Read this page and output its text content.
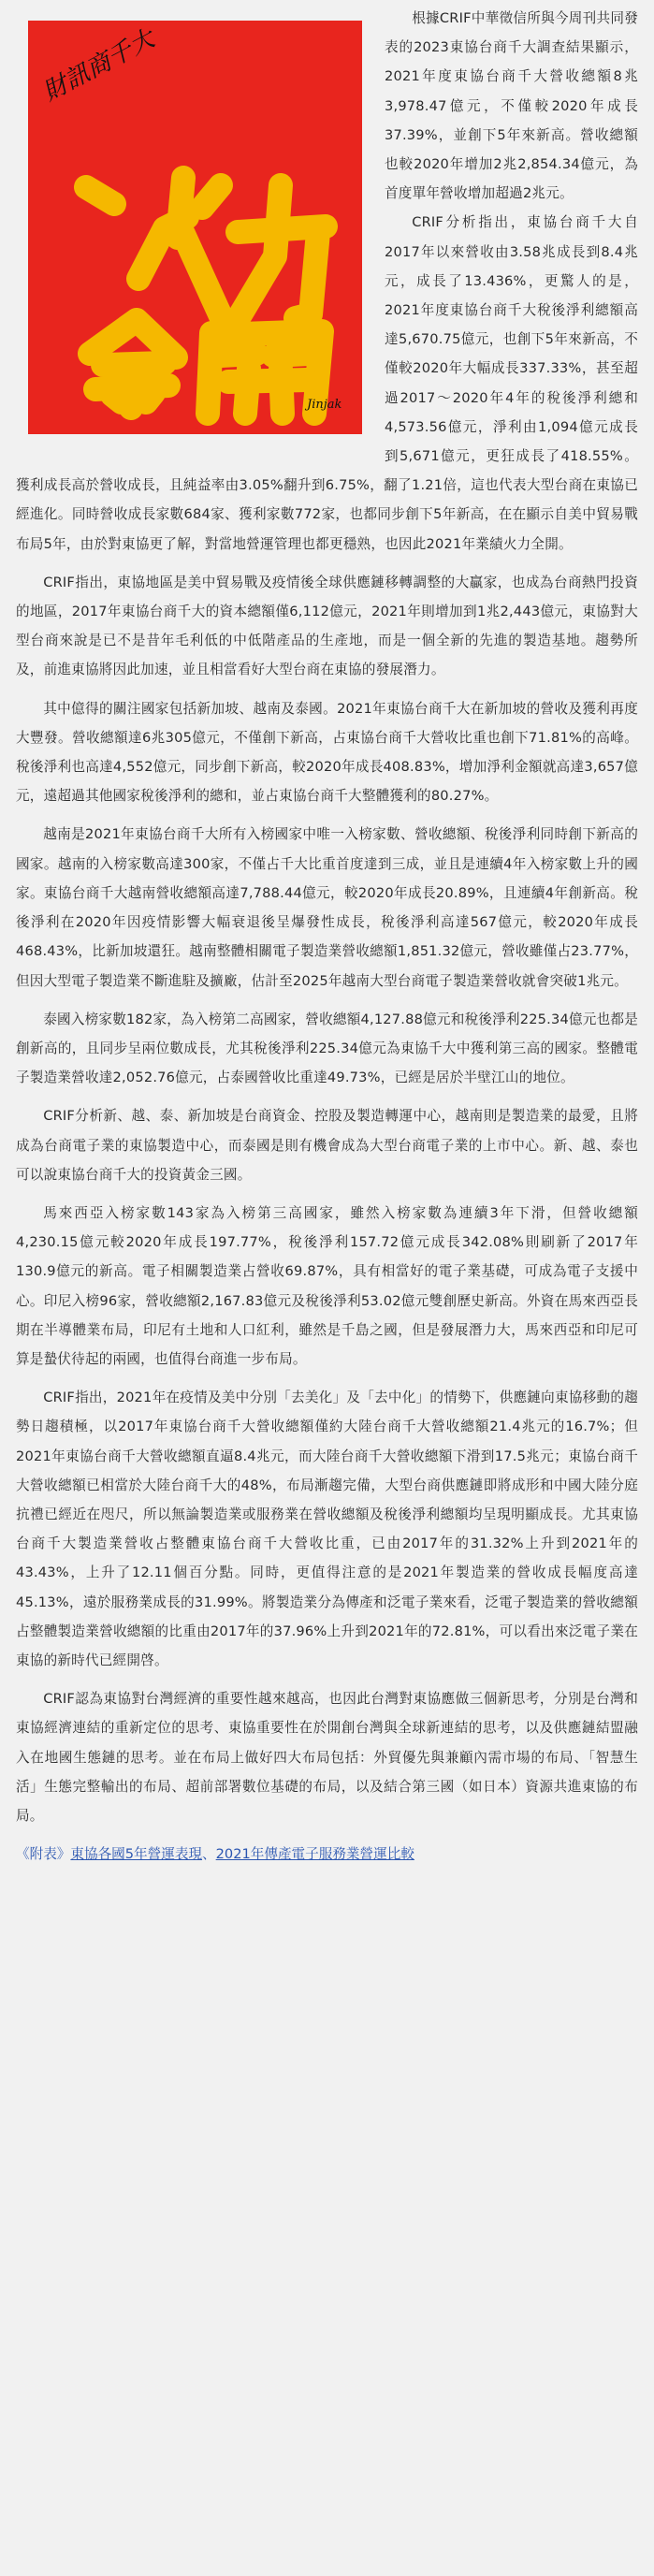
財訊商千大
火力全開
Jinjak

根據CRIF中華徵信所與今周刊共同發表的2023東協台商千大調查結果顯示，2021年度東協台商千大營收總額8兆3,978.47億元，不僅較2020年成長37.39%，並創下5年來新高。營收總額也較2020年增加2兆2,854.34億元，為首度單年營收增加超過2兆元。

CRIF分析指出，東協台商千大自2017年以來營收由3.58兆成長到8.4兆元，成長了13.436%，更驚人的是，2021年度東協台商千大稅後淨利總額高達5,670.75億元，也創下5年來新高，不僅較2020年大幅成長337.33%，甚至超過2017～2020年4年的稅後淨利總和4,573.56億元，淨利由1,094億元成長到5,671億元，更狂成長了418.55%。獲利成長高於營收成長，且純益率由3.05%翻升到6.75%，翻了1.21倍，這也代表大型台商在東協已經進化。同時營收成長家數684家、獲利家數772家，也都同步創下5年新高，在在顯示自美中貿易戰布局5年，由於對東協更了解，對當地營運管理也都更穩熟，也因此2021年業績火力全開。

CRIF指出，東協地區是美中貿易戰及疫情後全球供應鏈移轉調整的大贏家，也成為台商熱門投資的地區，2017年東協台商千大的資本總額僅6,112億元，2021年則增加到1兆2,443億元，東協對大型台商來說是已不是昔年毛利低的中低階產品的生產地，而是一個全新的先進的製造基地。趨勢所及，前進東協將因此加速，並且相當看好大型台商在東協的發展潛力。

其中億得的關注國家包括新加坡、越南及泰國。2021年東協台商千大在新加坡的營收及獲利再度大豐發。營收總額達6兆305億元，不僅創下新高，占東協台商千大營收比重也創下71.81%的高峰。稅後淨利也高達4,552億元，同步創下新高，較2020年成長408.83%，增加淨利金額就高達3,657億元，遠超過其他國家稅後淨利的總和，並占東協台商千大整體獲利的80.27%。

越南是2021年東協台商千大所有入榜國家中唯一入榜家數、營收總額、稅後淨利同時創下新高的國家。越南的入榜家數高達300家，不僅占千大比重首度達到三成，並且是連續4年入榜家數上升的國家。東協台商千大越南營收總額高達7,788.44億元，較2020年成長20.89%，且連續4年創新高。稅後淨利在2020年因疫情影響大幅衰退後呈爆發性成長，稅後淨利高達567億元，較2020年成長468.43%，比新加坡還狂。越南整體相關電子製造業營收總額1,851.32億元，營收雖僅占23.77%，但因大型電子製造業不斷進駐及擴廠，估計至2025年越南大型台商電子製造業營收就會突破1兆元。

泰國入榜家數182家，為入榜第二高國家，營收總額4,127.88億元和稅後淨利225.34億元也都是創新高的，且同步呈兩位數成長，尤其稅後淨利225.34億元為東協千大中獲利第三高的國家。整體電子製造業營收達2,052.76億元，占泰國營收比重達49.73%，已經是居於半壁江山的地位。

CRIF分析新、越、泰、新加坡是台商資金、控股及製造轉運中心，越南則是製造業的最愛，且將成為台商電子業的東協製造中心，而泰國是則有機會成為大型台商電子業的上市中心。新、越、泰也可以說東協台商千大的投資黃金三國。

馬來西亞入榜家數143家為入榜第三高國家，雖然入榜家數為連續3年下滑，但營收總額4,230.15億元較2020年成長197.77%，稅後淨利157.72億元成長342.08%則刷新了2017年130.9億元的新高。電子相關製造業占營收69.87%，具有相當好的電子業基礎，可成為電子支援中心。印尼入榜96家，營收總額2,167.83億元及稅後淨利53.02億元雙創歷史新高。外資在馬來西亞長期在半導體業布局，印尼有土地和人口紅利，雖然是千島之國，但是發展潛力大，馬來西亞和印尼可算是蟄伏待起的兩國，也值得台商進一步布局。

CRIF指出，2021年在疫情及美中分別「去美化」及「去中化」的情勢下，供應鏈向東協移動的趨勢日趨積極，以2017年東協台商千大營收總額僅約大陸台商千大營收總額21.4兆元的16.7%；但2021年東協台商千大營收總額直逼8.4兆元，而大陸台商千大營收總額下滑到17.5兆元；東協台商千大營收總額已相當於大陸台商千大的48%，布局漸趨完備，大型台商供應鏈即將成形和中國大陸分庭抗禮已經近在咫尺，所以無論製造業或服務業在營收總額及稅後淨利總額均呈現明顯成長。尤其東協台商千大製造業營收占整體東協台商千大營收比重，已由2017年的31.32%上升到2021年的43.43%，上升了12.11個百分點。同時，更值得注意的是2021年製造業的營收成長幅度高達45.13%，遠於服務業成長的31.99%。將製造業分為傳產和泛電子業來看，泛電子製造業的營收總額占整體製造業營收總額的比重由2017年的37.96%上升到2021年的72.81%，可以看出來泛電子業在東協的新時代已經開啓。

CRIF認為東協對台灣經濟的重要性越來越高，也因此台灣對東協應做三個新思考，分別是台灣和東協經濟連結的重新定位的思考、東協重要性在於開創台灣與全球新連結的思考，以及供應鏈結盟融入在地國生態鏈的思考。並在布局上做好四大布局包括：外貿優先與兼顧內需市場的布局、「智慧生活」生態完整輸出的布局、超前部署數位基礎的布局，以及結合第三國（如日本）資源共進東協的布局。

《附表》東協各國5年營運表現、2021年傳產電子服務業營運比較
